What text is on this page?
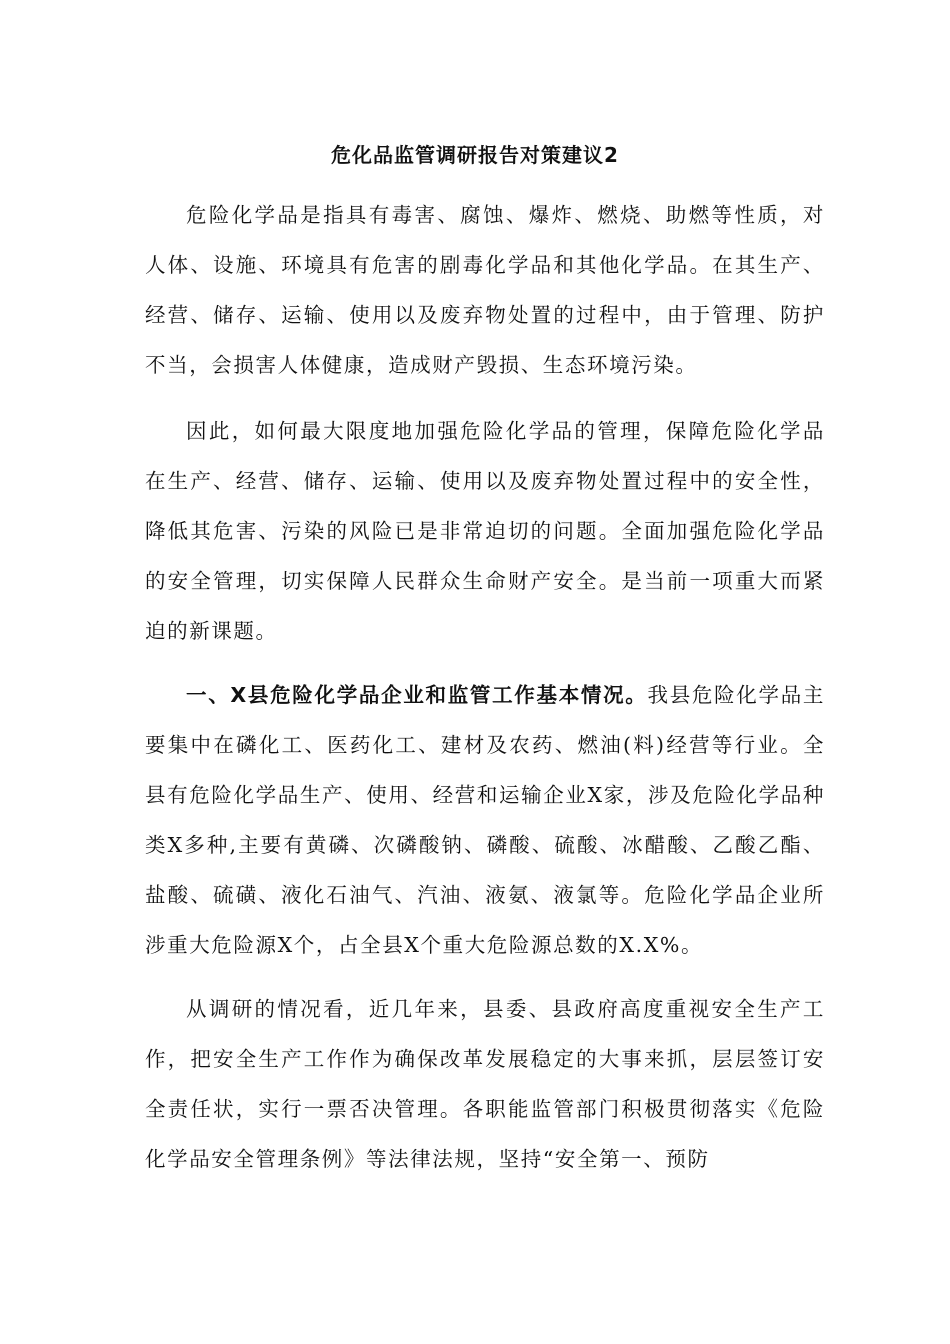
危化品监管调研报告对策建议2

危险化学品是指具有毒害、腐蚀、爆炸、燃烧、助燃等性质，对人体、设施、环境具有危害的剧毒化学品和其他化学品。在其生产、经营、储存、运输、使用以及废弃物处置的过程中，由于管理、防护不当，会损害人体健康，造成财产毁损、生态环境污染。

因此，如何最大限度地加强危险化学品的管理，保障危险化学品在生产、经营、储存、运输、使用以及废弃物处置过程中的安全性，降低其危害、污染的风险已是非常迫切的问题。全面加强危险化学品的安全管理，切实保障人民群众生命财产安全。是当前一项重大而紧迫的新课题。

一、X县危险化学品企业和监管工作基本情况。我县危险化学品主要集中在磷化工、医药化工、建材及农药、燃油(料)经营等行业。全县有危险化学品生产、使用、经营和运输企业X家，涉及危险化学品种类X多种,主要有黄磷、次磷酸钠、磷酸、硫酸、冰醋酸、乙酸乙酯、盐酸、硫磺、液化石油气、汽油、液氨、液氯等。危险化学品企业所涉重大危险源X个，占全县X个重大危险源总数的X.X%。

从调研的情况看，近几年来，县委、县政府高度重视安全生产工作，把安全生产工作作为确保改革发展稳定的大事来抓，层层签订安全责任状，实行一票否决管理。各职能监管部门积极贯彻落实《危险化学品安全管理条例》等法律法规，坚持“安全第一、预防
